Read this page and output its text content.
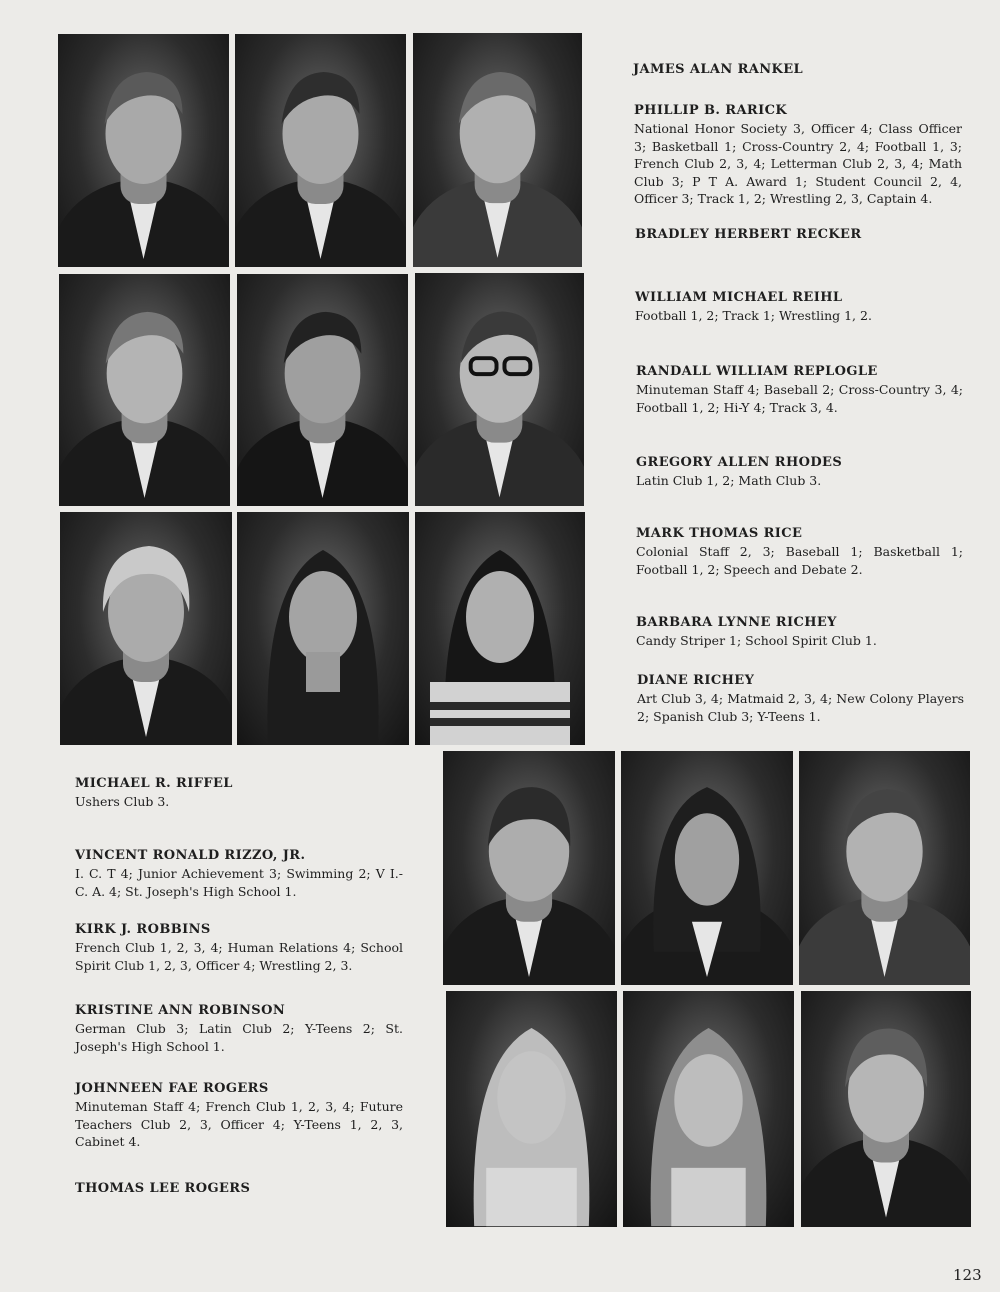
JAMES ALAN RANKEL

PHILLIP B. RARICK

National Honor Society 3, Officer 4; Class Officer 3; Basketball 1; Cross-Country 2, 4; Football 1, 3; French Club 2, 3, 4; Letterman Club 2, 3, 4; Math Club 3; P T A. Award 1; Student Council 2, 4, Officer 3; Track 1, 2; Wrestling 2, 3, Captain 4.

BRADLEY HERBERT RECKER

WILLIAM MICHAEL REIHL

Football 1, 2; Track 1; Wrestling 1, 2.

RANDALL WILLIAM REPLOGLE

Minuteman Staff 4; Baseball 2; Cross-Country 3, 4; Football 1, 2; Hi-Y 4; Track 3, 4.

GREGORY ALLEN RHODES

Latin Club 1, 2; Math Club 3.

MARK THOMAS RICE

Colonial Staff 2, 3; Baseball 1; Basketball 1; Football 1, 2; Speech and Debate 2.

BARBARA LYNNE RICHEY

Candy Striper 1; School Spirit Club 1.

DIANE RICHEY

Art Club 3, 4; Matmaid 2, 3, 4; New Colony Players 2; Spanish Club 3; Y-Teens 1.

MICHAEL R. RIFFEL

Ushers Club 3.

VINCENT RONALD RIZZO, JR.

I. C. T 4; Junior Achievement 3; Swimming 2; V I.-C. A. 4; St. Joseph's High School 1.

KIRK J. ROBBINS

French Club 1, 2, 3, 4; Human Relations 4; School Spirit Club 1, 2, 3, Officer 4; Wrestling 2, 3.

KRISTINE ANN ROBINSON

German Club 3; Latin Club 2; Y-Teens 2; St. Joseph's High School 1.

JOHNNEEN FAE ROGERS

Minuteman Staff 4; French Club 1, 2, 3, 4; Future Teachers Club 2, 3, Officer 4; Y-Teens 1, 2, 3, Cabinet 4.

THOMAS LEE ROGERS

123
